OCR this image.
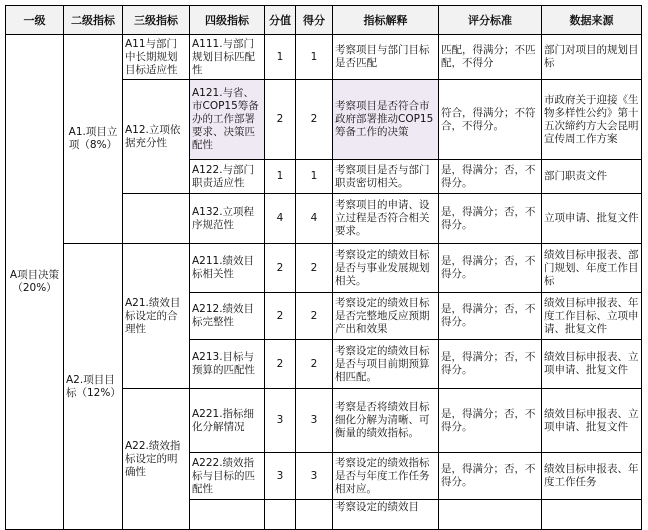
一级	二级指标	三级指标	四级指标	分值	得分	指标解释	评分标准	数据来源
A项目决策（20%）	A1.项目立项（8%）	A11与部门中长期规划目标适应性	A111.与部门规划目标匹配性	1	1	考察项目与部门目标是否匹配	匹配，得满分；不匹配，不得分	部门对项目的规划目标
		A12.立项依据充分性	A121.与省、市COP15筹备办的工作部署要求、决策匹配性	2	2	考察项目是否符合市政府部署推动COP15筹备工作的决策	符合，得满分；不符合，不得分。	市政府关于迎接《生物多样性公约》第十五次缔约方大会昆明宣传周工作方案
			A122.与部门职责适应性	1	1	考察项目是否与部门职责密切相关。	是，得满分；否，不得分。	部门职责文件
			A132.立项程序规范性	4	4	考察项目的申请、设立过程是否符合相关要求。	是，得满分；否，不得分。	立项申请、批复文件
	A2.项目目标（12%）	A21.绩效目标设定的合理性	A211.绩效目标相关性	2	2	考察设定的绩效目标是否与事业发展规划相关。	是，得满分；否，不得分。	绩效目标申报表、部门规划、年度工作目标
			A212.绩效目标完整性	2	2	考察设定的绩效目标是否完整地反应预期产出和效果	是，得满分；否，不得分。	绩效目标申报表、年度工作目标、立项申请、批复文件
			A213.目标与预算的匹配性	2	2	考察设定的绩效目标是否与项目前期预算相匹配。	是，得满分；否，不得分。	绩效目标申报表、立项申请、批复文件
		A22.绩效指标设定的明确性	A221.指标细化分解情况	3	3	考察是否将绩效目标细化分解为清晰、可衡量的绩效指标。	是，得满分；否，不得分。	绩效目标申报表、立项申请、批复文件
			A222.绩效指标与目标的匹配性	3	3	考察设定的绩效指标是否与年度工作任务相对应。	是，得满分；否，不得分。	绩效目标申报表、年度工作任务
						考察设定的绩效目		
